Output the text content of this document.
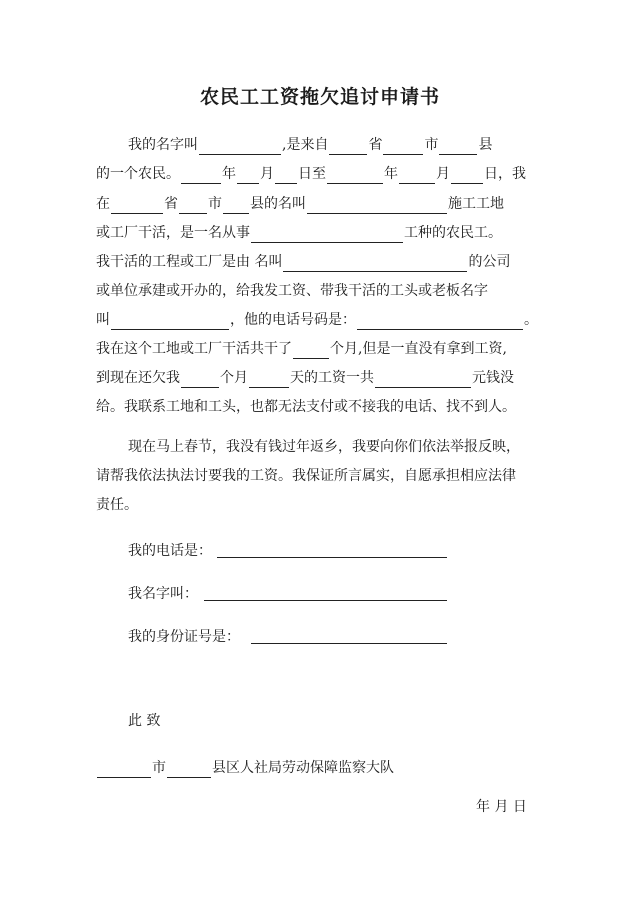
农民工工资拖欠追讨申请书
我的名字叫	,是来自	省	市	县
的一个农民。	年 月 日至	年	月 日，我
在	省 市 县的名叫	施工工地
或工厂干活，是一名从事	工种的农民工。
我干活的工程或工厂是由 名叫	的公司
或单位承建或开办的，给我发工资、带我干活的工头或老板名字
叫	，他的电话号码是：	。
我在这个工地或工厂干活共干了	个月,但是一直没有拿到工资,
到现在还欠我	个月	天的工资一共	元钱没
给。我联系工地和工头，也都无法支付或不接我的电话、找不到人。
现在马上春节，我没有钱过年返乡，我要向你们依法举报反映，
请帮我依法执法讨要我的工资。我保证所言属实，自愿承担相应法律
责任。
我的电话是：
我名字叫：
我的身份证号是：
此 致
市	县区人社局劳动保障监察大队
年 月 日
